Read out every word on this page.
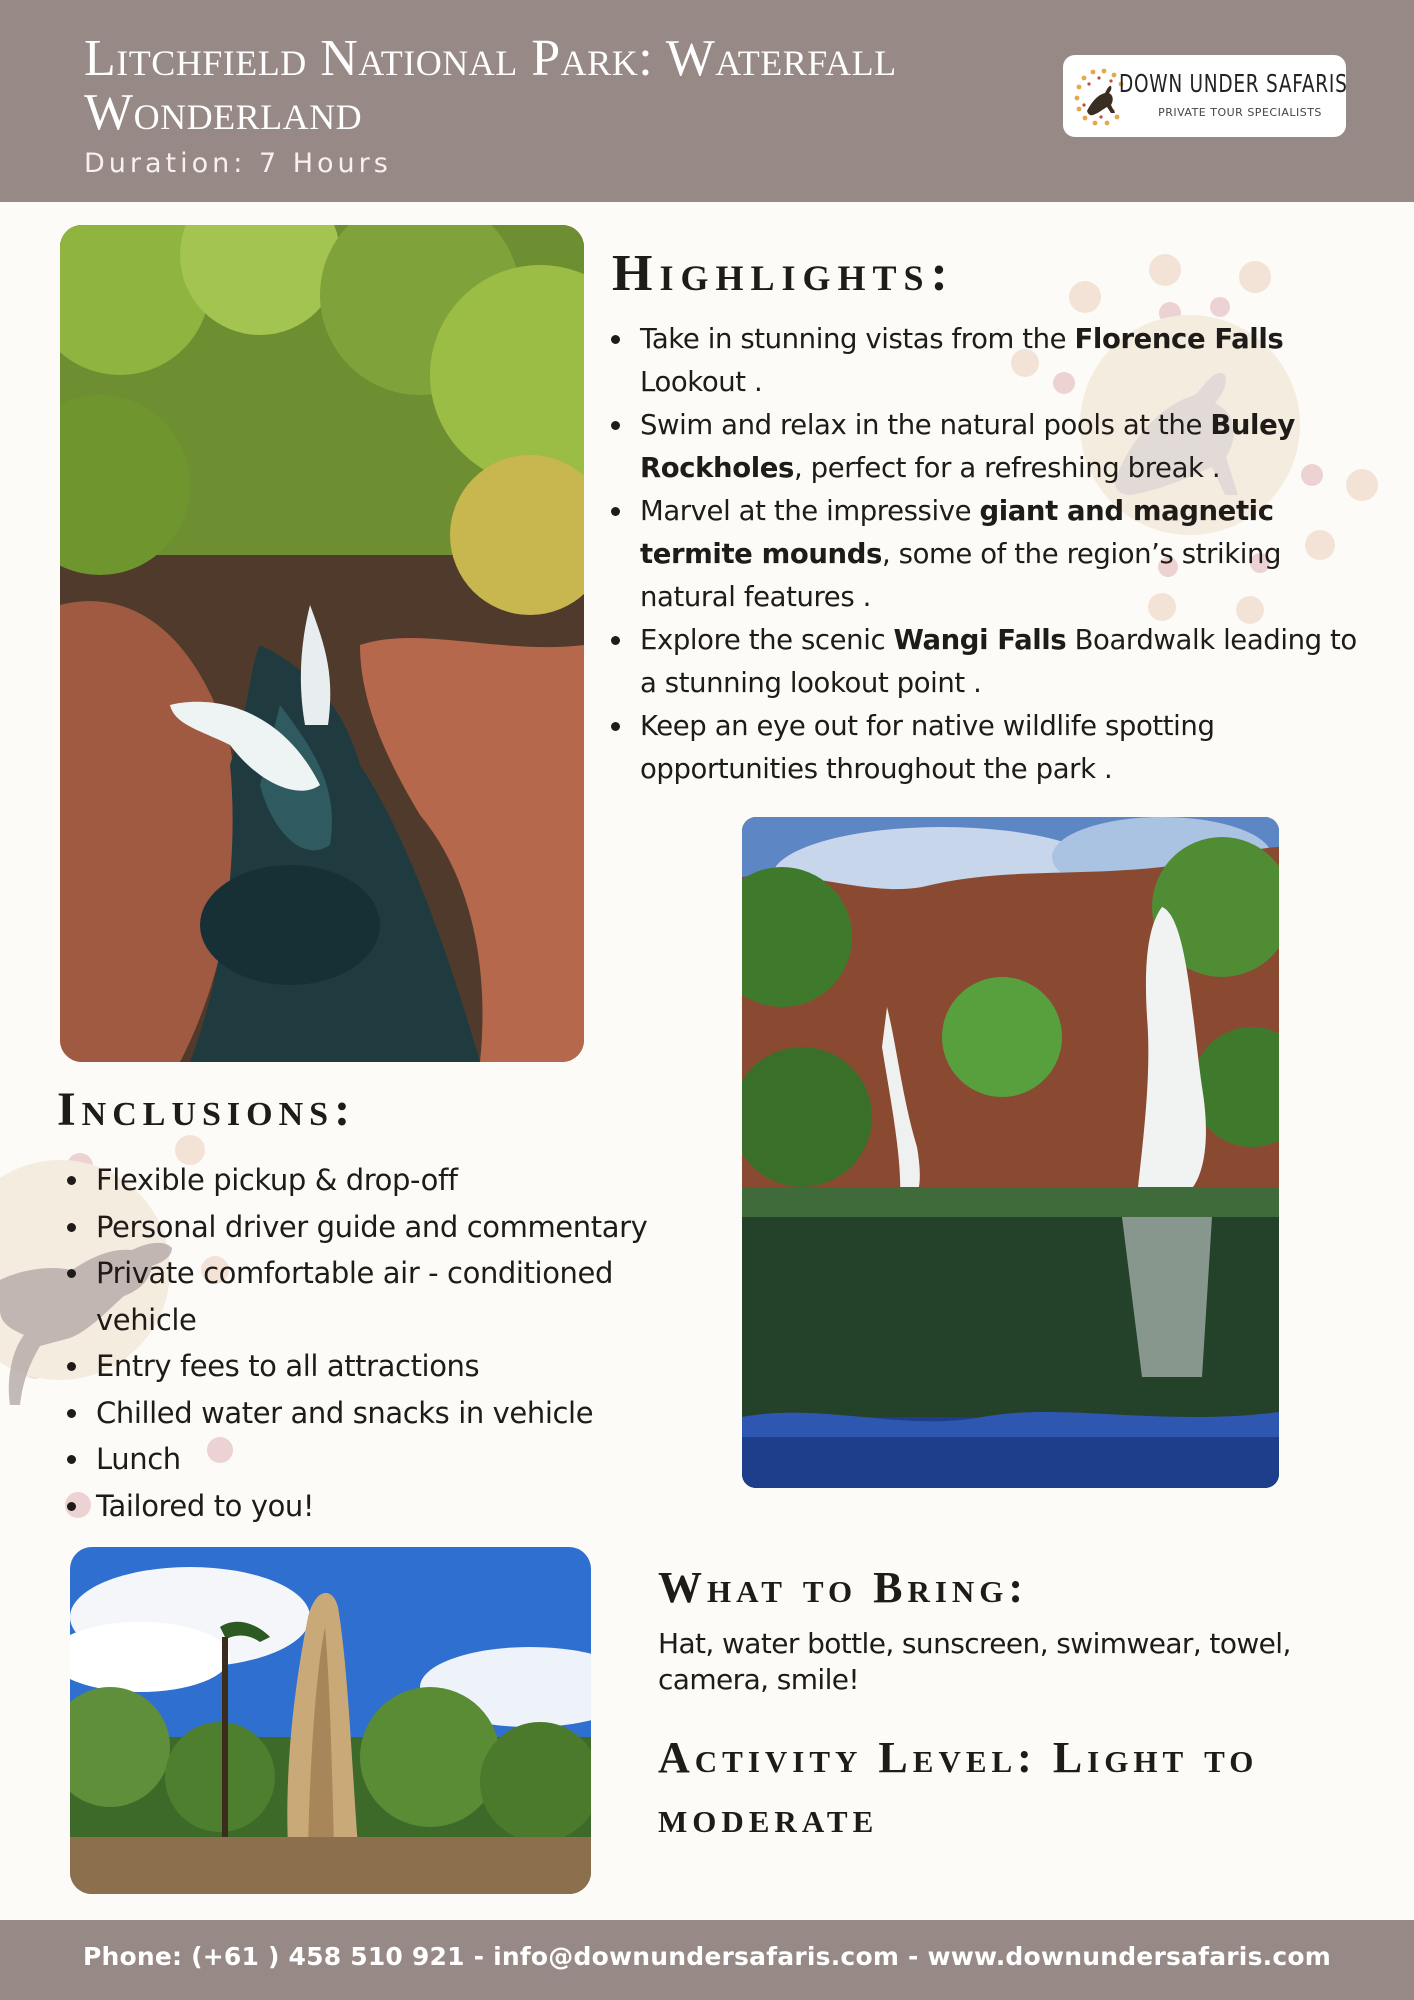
Litchfield National Park: Waterfall Wonderland
Duration: 7 Hours
DOWN UNDER SAFARIS
PRIVATE TOUR SPECIALISTS
Highlights:
Take in stunning vistas from the Florence Falls Lookout .
Swim and relax in the natural pools at the Buley Rockholes, perfect for a refreshing break .
Marvel at the impressive giant and magnetic termite mounds, some of the region’s striking natural features .
Explore the scenic Wangi Falls Boardwalk leading to a stunning lookout point .
Keep an eye out for native wildlife spotting opportunities throughout the park .
Inclusions:
Flexible pickup & drop-off
Personal driver guide and commentary
Private comfortable air - conditioned vehicle
Entry fees to all attractions
Chilled water and snacks in vehicle
Lunch
Tailored to you!
What to Bring:

Hat, water bottle, sunscreen, swimwear, towel, camera, smile!

Activity Level: Light to moderate
Phone: (+61 ) 458 510 921 - info@downundersafaris.com - www.downundersafaris.com
